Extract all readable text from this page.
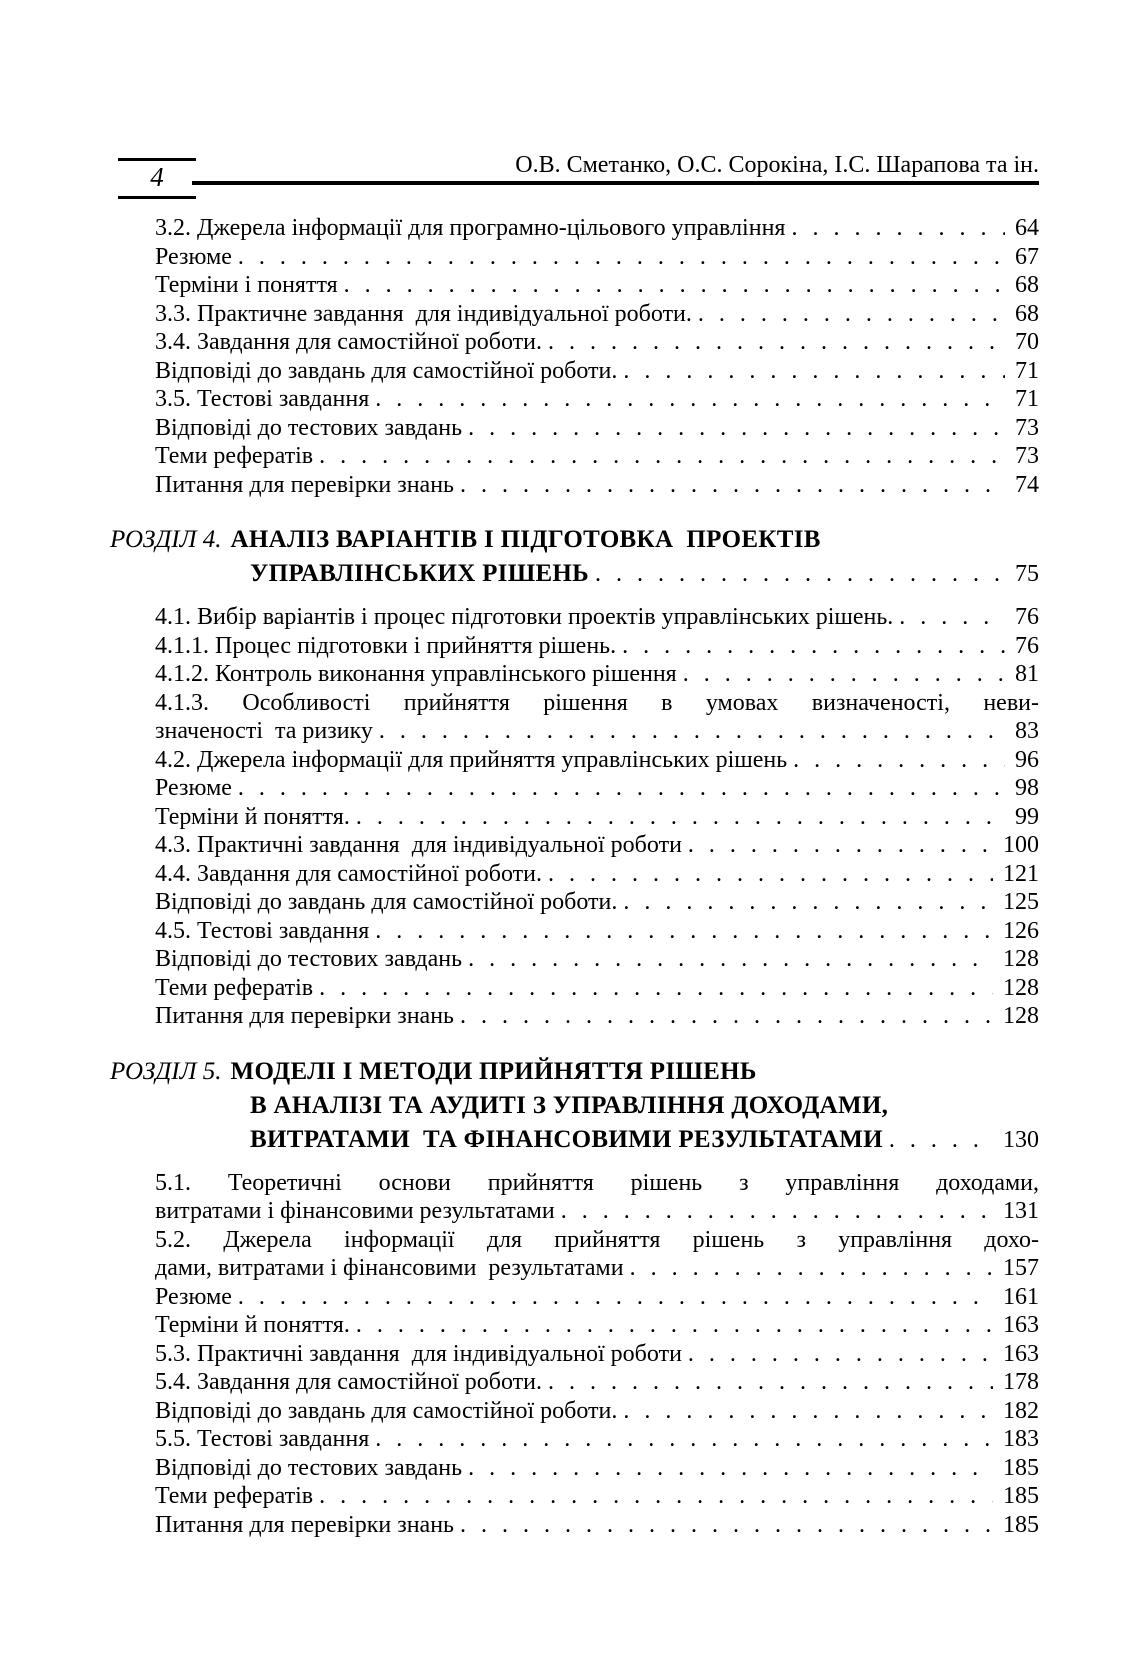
4	О.В. Сметанко, О.С. Сорокіна, І.С. Шарапова та ін.
3.2. Джерела інформації для програмно-цільового управління . . .	64
Резюме . . .	67
Терміни і поняття . . .	68
3.3. Практичне завдання  для індивідуальної роботи. . . .	68
3.4. Завдання для самостійної роботи. . . .	70
Відповіді до завдань для самостійної роботи. . . .	71
3.5. Тестові завдання . . .	71
Відповіді до тестових завдань . . .	73
Теми рефератів . . .	73
Питання для перевірки знань . . .	74
РОЗДІЛ 4. АНАЛІЗ ВАРІАНТІВ І ПІДГОТОВКА  ПРОЕКТІВ
УПРАВЛІНСЬКИХ РІШЕНЬ . . .	75
4.1. Вибір варіантів і процес підготовки проектів управлінських рішень. . . .	76
4.1.1. Процес підготовки і прийняття рішень. . . .	76
4.1.2. Контроль виконання управлінського рішення . . .	81
4.1.3. Особливості прийняття рішення в умовах визначеності, неви-
значеності  та ризику . . .	83
4.2. Джерела інформації для прийняття управлінських рішень . . .	96
Резюме . . .	98
Терміни й поняття. . . .	99
4.3. Практичні завдання  для індивідуальної роботи . . .	100
4.4. Завдання для самостійної роботи. . . .	121
Відповіді до завдань для самостійної роботи. . . .	125
4.5. Тестові завдання . . .	126
Відповіді до тестових завдань . . .	128
Теми рефератів . . .	128
Питання для перевірки знань . . .	128
РОЗДІЛ 5. МОДЕЛІ І МЕТОДИ ПРИЙНЯТТЯ РІШЕНЬ
В АНАЛІЗІ ТА АУДИТІ З УПРАВЛІННЯ ДОХОДАМИ,
ВИТРАТАМИ  ТА ФІНАНСОВИМИ РЕЗУЛЬТАТАМИ . . .	130
5.1. Теоретичні основи прийняття рішень з управління доходами,
витратами і фінансовими результатами . . .	131
5.2. Джерела інформації для прийняття рішень з управління дохо-
дами, витратами і фінансовими  результатами . . .	157
Резюме . . .	161
Терміни й поняття. . . .	163
5.3. Практичні завдання  для індивідуальної роботи . . .	163
5.4. Завдання для самостійної роботи. . . .	178
Відповіді до завдань для самостійної роботи. . . .	182
5.5. Тестові завдання . . .	183
Відповіді до тестових завдань . . .	185
Теми рефератів . . .	185
Питання для перевірки знань . . .	185
